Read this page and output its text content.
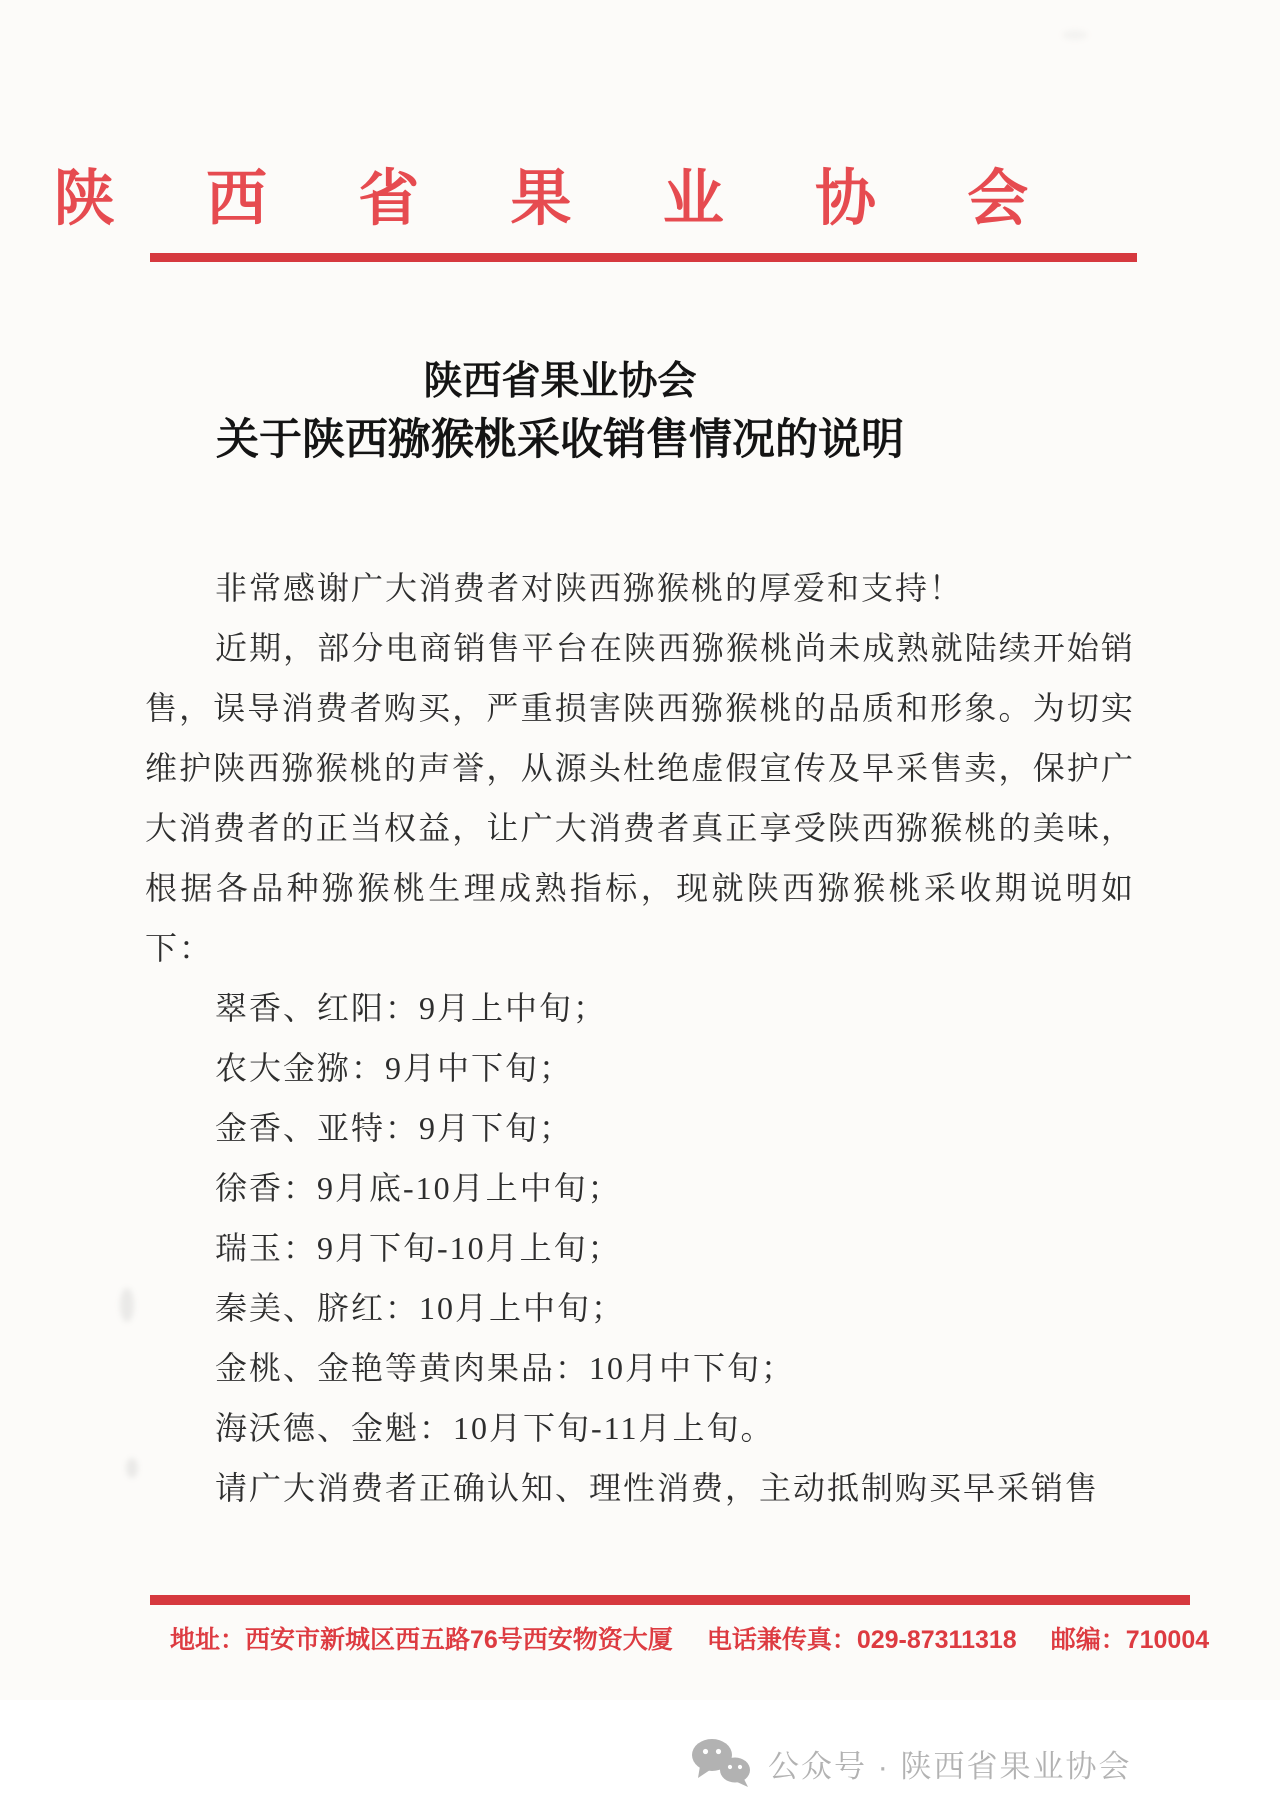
陕 西 省 果 业 协 会
陕西省果业协会
关于陕西猕猴桃采收销售情况的说明

非常感谢广大消费者对陕西猕猴桃的厚爱和支持！

近期，部分电商销售平台在陕西猕猴桃尚未成熟就陆续开始销售，误导消费者购买，严重损害陕西猕猴桃的品质和形象。为切实维护陕西猕猴桃的声誉，从源头杜绝虚假宣传及早采售卖，保护广大消费者的正当权益，让广大消费者真正享受陕西猕猴桃的美味，根据各品种猕猴桃生理成熟指标，现就陕西猕猴桃采收期说明如下：

翠香、红阳：9月上中旬；

农大金猕：9月中下旬；

金香、亚特：9月下旬；

徐香：9月底-10月上中旬；

瑞玉：9月下旬-10月上旬；

秦美、脐红：10月上中旬；

金桃、金艳等黄肉果品：10月中下旬；

海沃德、金魁：10月下旬-11月上旬。

请广大消费者正确认知、理性消费，主动抵制购买早采销售

地址：西安市新城区西五路76号西安物资大厦 电话兼传真：029-87311318 邮编：710004
公众号 · 陕西省果业协会
